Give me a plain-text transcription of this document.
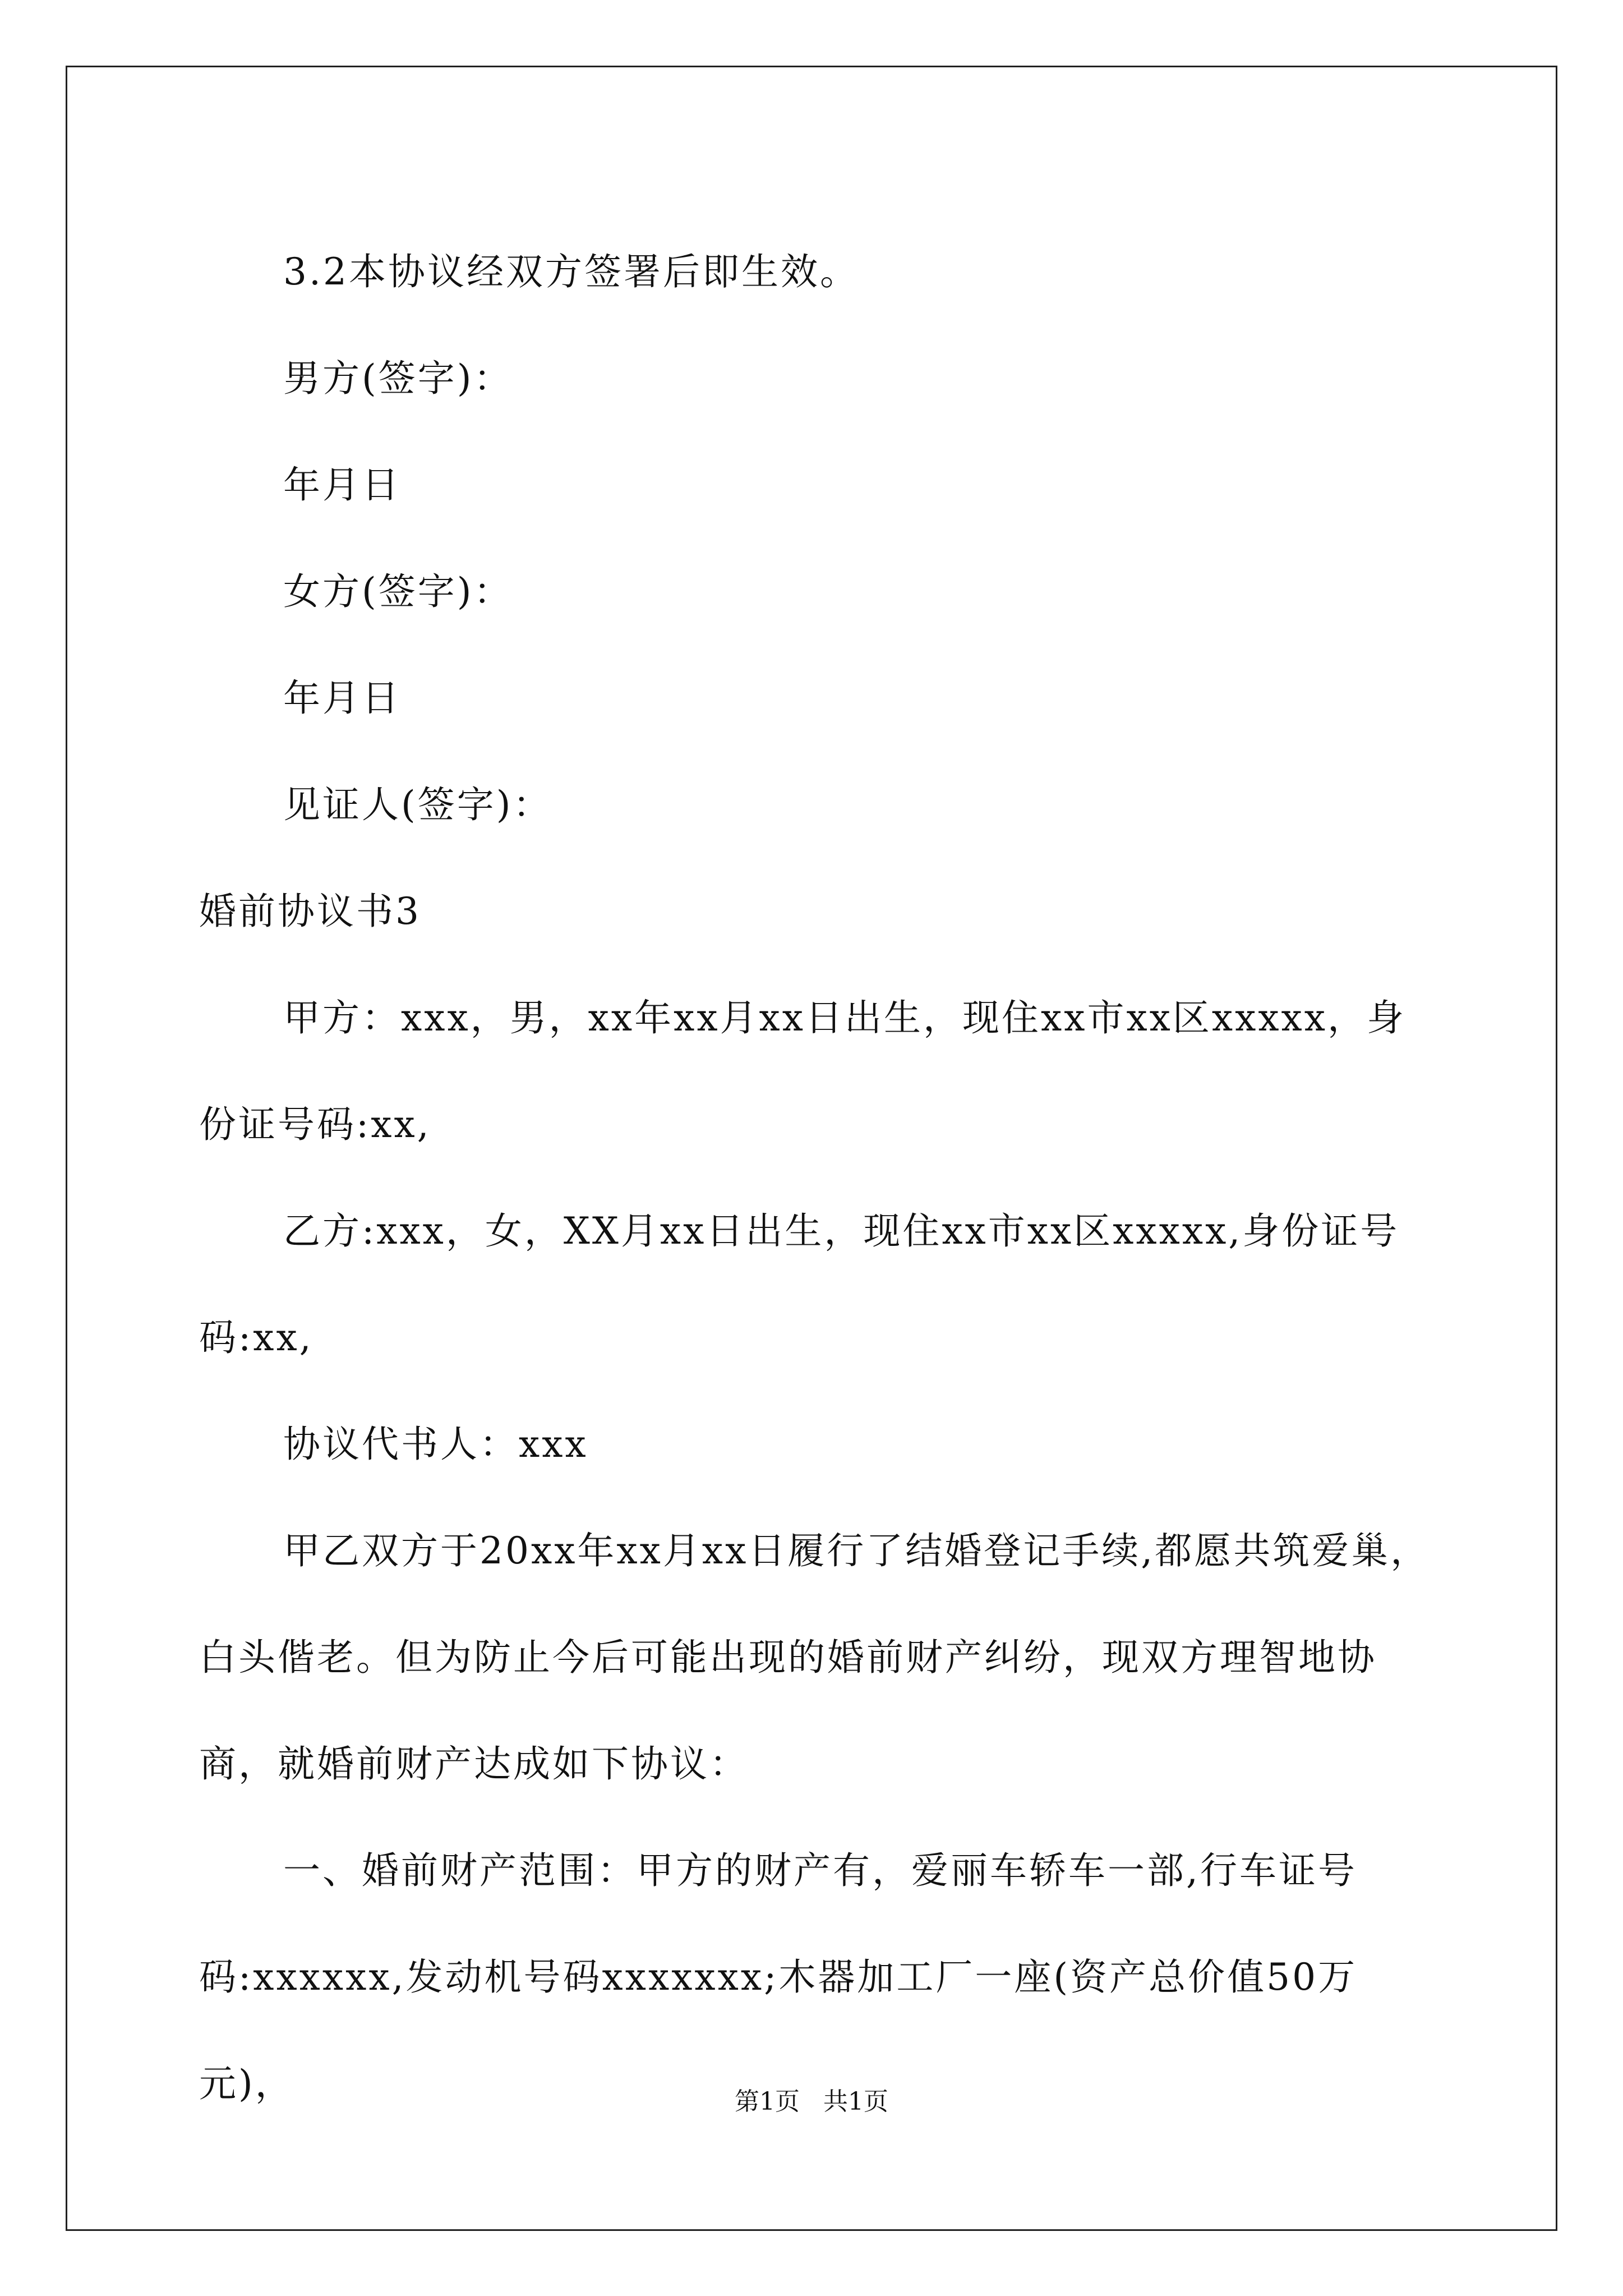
3.2本协议经双方签署后即生效。

男方(签字)：

年月日

女方(签字)：

年月日

见证人(签字)：

婚前协议书3

甲方：xxx，男，xx年xx月xx日出生，现住xx市xx区xxxxx，身份证号码:xx,

乙方:xxx，女，XX月xx日出生，现住xx市xx区xxxxx,身份证号码:xx,

协议代书人：xxx

甲乙双方于20xx年xx月xx日履行了结婚登记手续,都愿共筑爱巢，白头偕老。但为防止今后可能出现的婚前财产纠纷，现双方理智地协商，就婚前财产达成如下协议：

一、婚前财产范围：甲方的财产有，爱丽车轿车一部,行车证号码:xxxxxx,发动机号码xxxxxxx;木器加工厂一座(资产总价值50万元)，	第1页 共1页
